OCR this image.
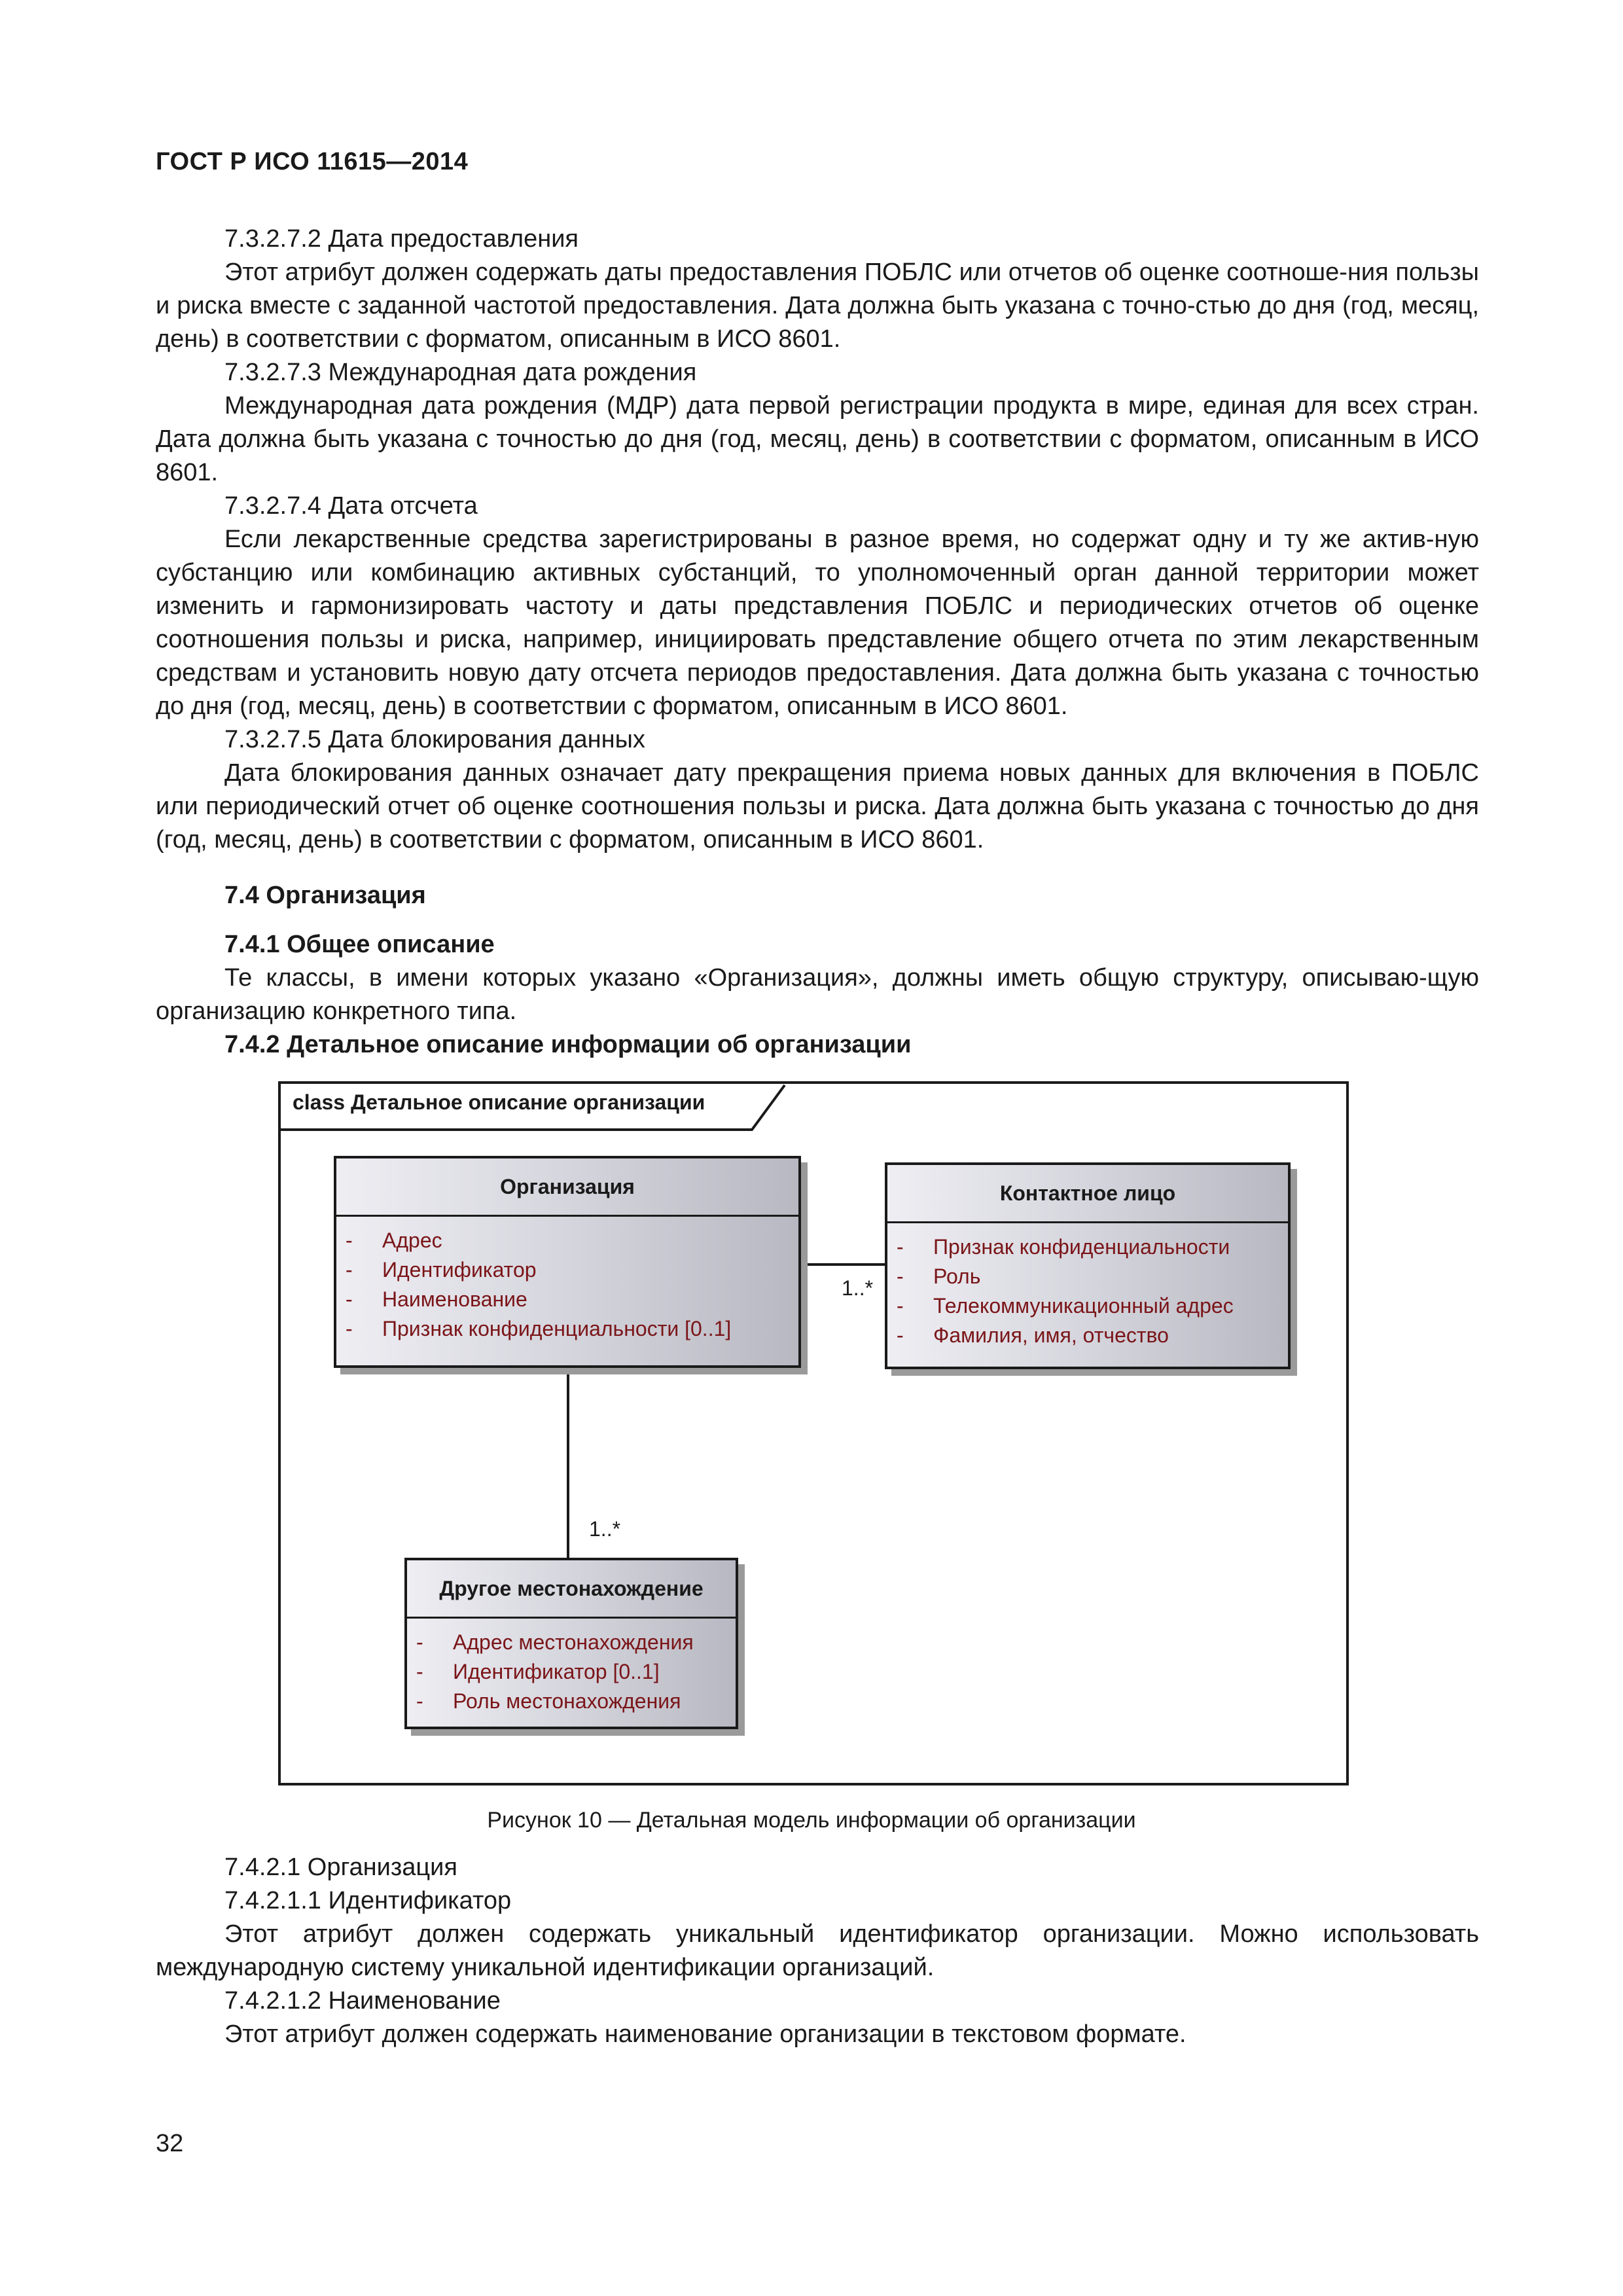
ГОСТ Р ИСО 11615—2014

7.3.2.7.2 Дата предоставления

Этот атрибут должен содержать даты предоставления ПОБЛС или отчетов об оценке соотноше-ния пользы и риска вместе с заданной частотой предоставления. Дата должна быть указана с точно-стью до дня (год, месяц, день) в соответствии с форматом, описанным в ИСО 8601.

7.3.2.7.3 Международная дата рождения

Международная дата рождения (МДР) дата первой регистрации продукта в мире, единая для всех стран. Дата должна быть указана с точностью до дня (год, месяц, день) в соответствии с форматом, описанным в ИСО 8601.

7.3.2.7.4 Дата отсчета

Если лекарственные средства зарегистрированы в разное время, но содержат одну и ту же актив-ную субстанцию или комбинацию активных субстанций, то уполномоченный орган данной территории может изменить и гармонизировать частоту и даты представления ПОБЛС и периодических отчетов об оценке соотношения пользы и риска, например, инициировать представление общего отчета по этим лекарственным средствам и установить новую дату отсчета периодов предоставления. Дата должна быть указана с точностью до дня (год, месяц, день) в соответствии с форматом, описанным в ИСО 8601.

7.3.2.7.5 Дата блокирования данных

Дата блокирования данных означает дату прекращения приема новых данных для включения в ПОБЛС или периодический отчет об оценке соотношения пользы и риска. Дата должна быть указана с точностью до дня (год, месяц, день) в соответствии с форматом, описанным в ИСО 8601.

7.4 Организация
7.4.1 Общее описание

Те классы, в имени которых указано «Организация», должны иметь общую структуру, описываю-щую организацию конкретного типа.

7.4.2 Детальное описание информации об организации
class Детальное описание организации
Организация
- Адрес
- Идентификатор
- Наименование
- Признак конфиденциальности [0..1]
Контактное лицо
- Признак конфиденциальности
- Роль
- Телекоммуникационный адрес
- Фамилия, имя, отчество
Другое местонахождение
- Адрес местонахождения
- Идентификатор [0..1]
- Роль местонахождения
1..*
1..*
Рисунок 10 — Детальная модель информации об организации

7.4.2.1 Организация

7.4.2.1.1 Идентификатор

Этот атрибут должен содержать уникальный идентификатор организации. Можно использовать международную систему уникальной идентификации организаций.

7.4.2.1.2 Наименование

Этот атрибут должен содержать наименование организации в текстовом формате.

32
